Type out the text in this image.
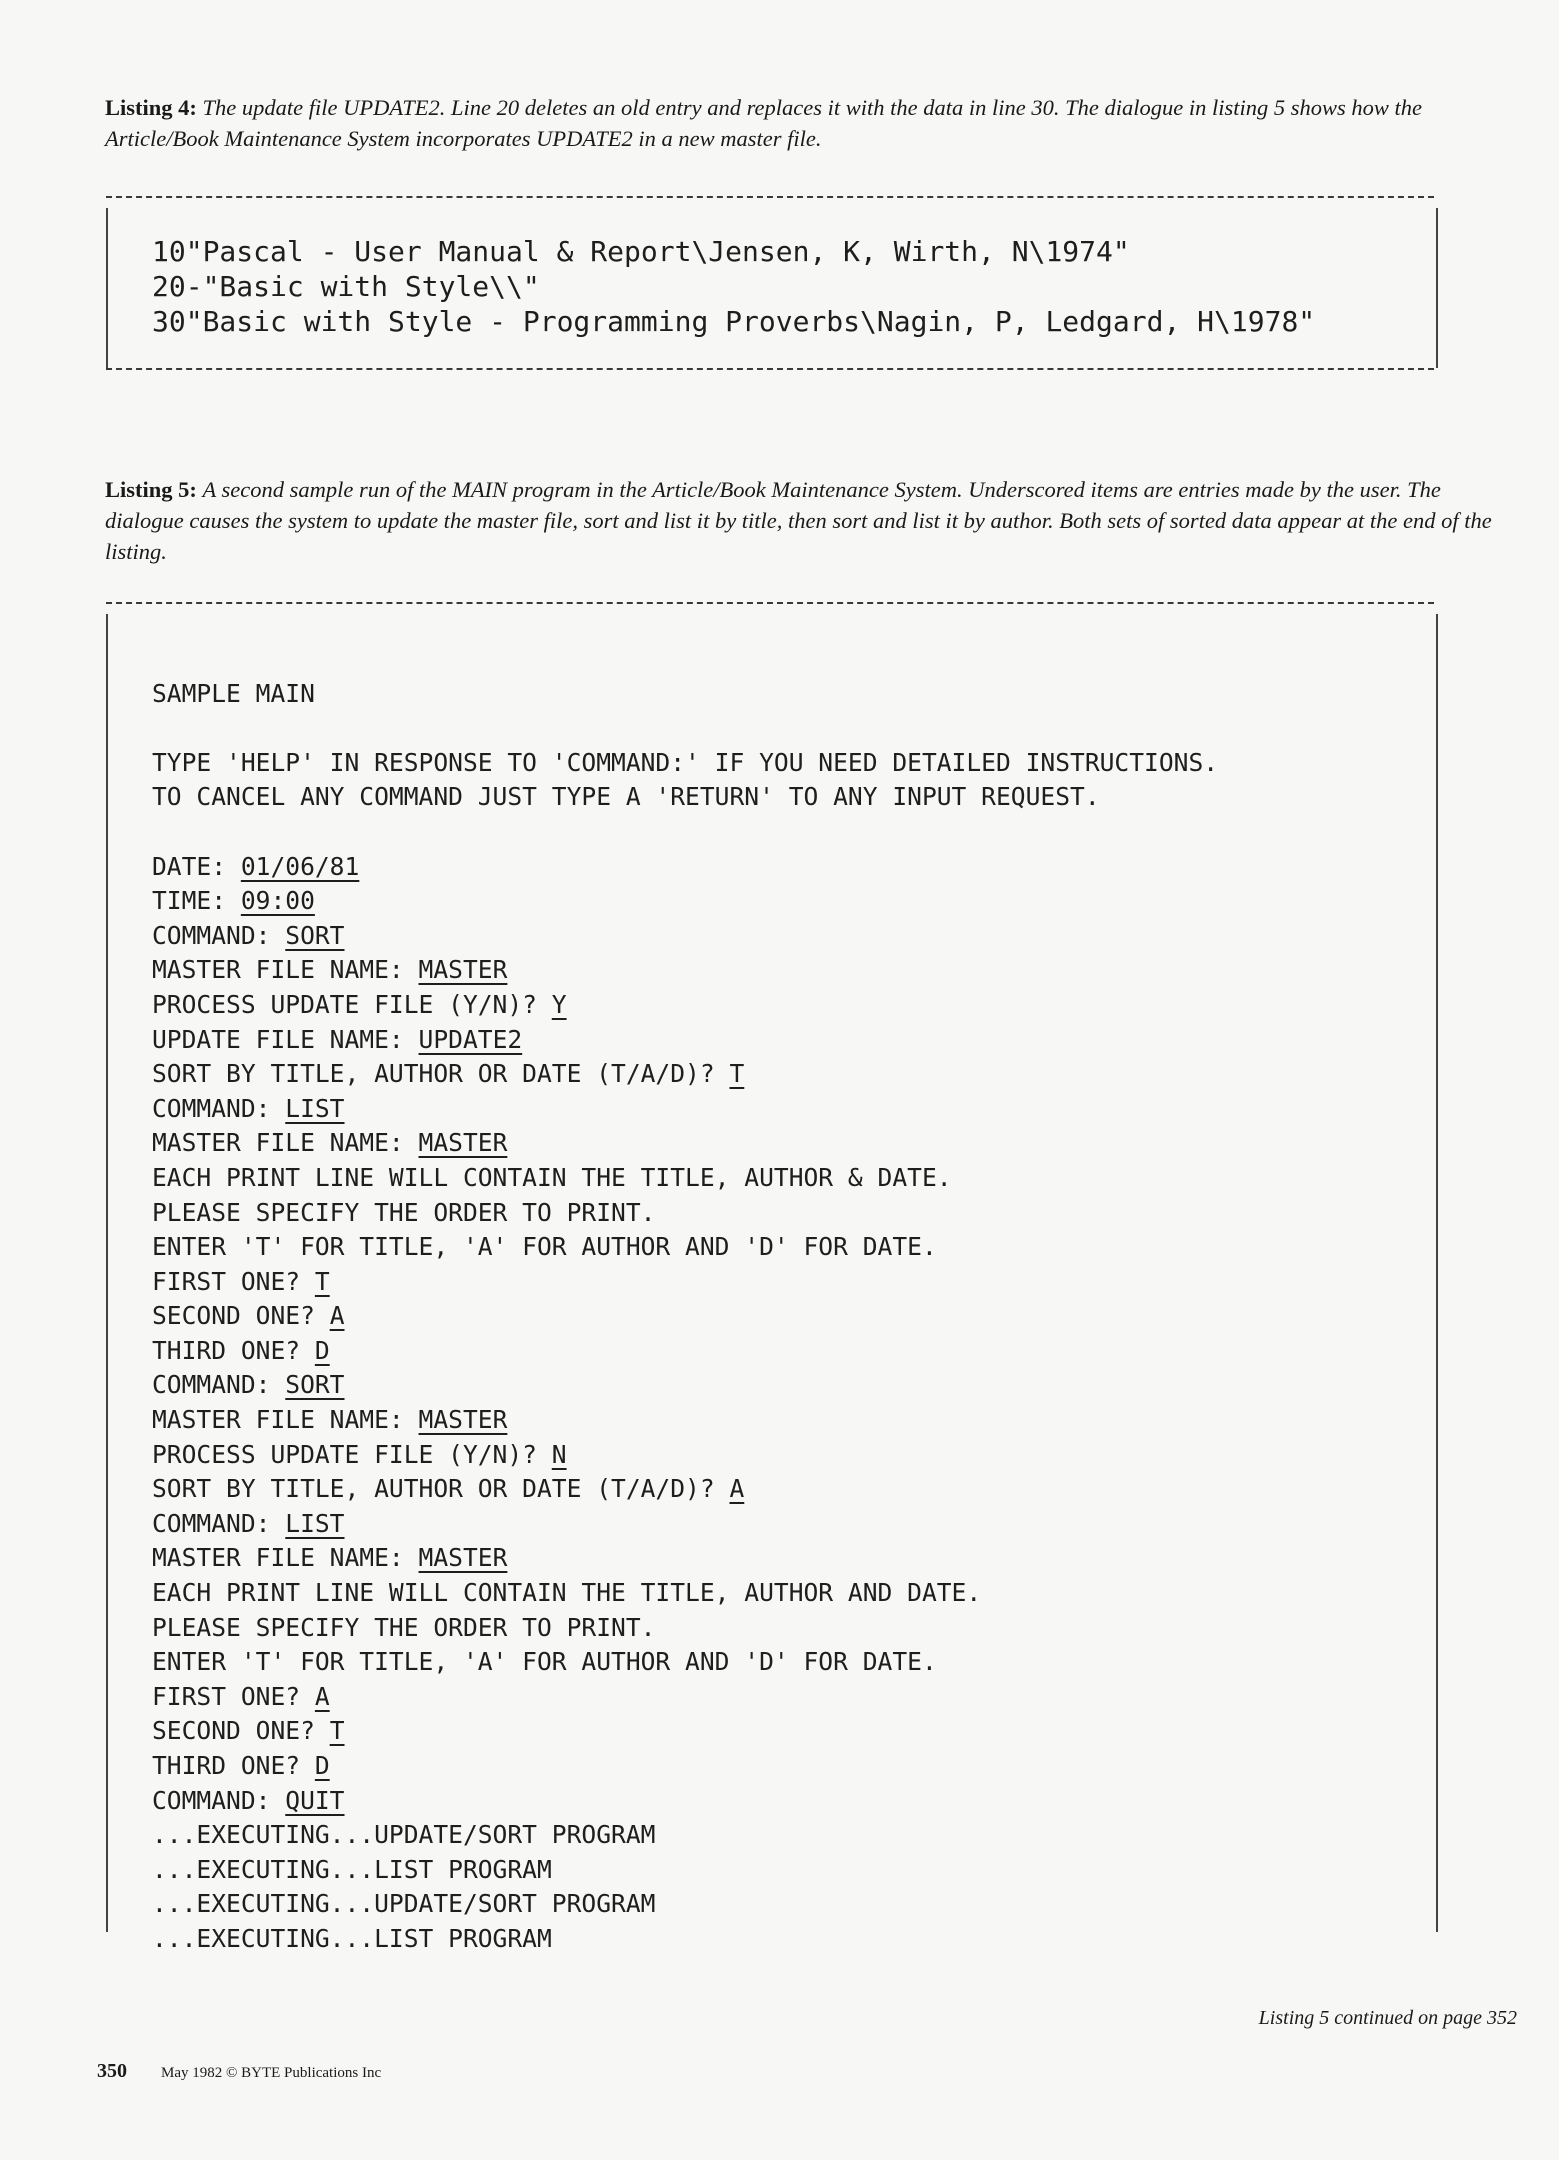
Listing 4: The update file UPDATE2. Line 20 deletes an old entry and replaces it with the data in line 30. The dialogue in listing 5 shows how the Article/Book Maintenance System incorporates UPDATE2 in a new master file.
10"Pascal - User Manual & Report\Jensen, K, Wirth, N\1974"
20-"Basic with Style\\"
30"Basic with Style - Programming Proverbs\Nagin, P, Ledgard, H\1978"
Listing 5: A second sample run of the MAIN program in the Article/Book Maintenance System. Underscored items are entries made by the user. The dialogue causes the system to update the master file, sort and list it by title, then sort and list it by author. Both sets of sorted data appear at the end of the listing.

SAMPLE MAIN

TYPE 'HELP' IN RESPONSE TO 'COMMAND:' IF YOU NEED DETAILED INSTRUCTIONS.
TO CANCEL ANY COMMAND JUST TYPE A 'RETURN' TO ANY INPUT REQUEST.

DATE: 01/06/81
TIME: 09:00
COMMAND: SORT
MASTER FILE NAME: MASTER
PROCESS UPDATE FILE (Y/N)? Y
UPDATE FILE NAME: UPDATE2
SORT BY TITLE, AUTHOR OR DATE (T/A/D)? T
COMMAND: LIST
MASTER FILE NAME: MASTER
EACH PRINT LINE WILL CONTAIN THE TITLE, AUTHOR & DATE.
PLEASE SPECIFY THE ORDER TO PRINT.
ENTER 'T' FOR TITLE, 'A' FOR AUTHOR AND 'D' FOR DATE.
FIRST ONE? T
SECOND ONE? A
THIRD ONE? D
COMMAND: SORT
MASTER FILE NAME: MASTER
PROCESS UPDATE FILE (Y/N)? N
SORT BY TITLE, AUTHOR OR DATE (T/A/D)? A
COMMAND: LIST
MASTER FILE NAME: MASTER
EACH PRINT LINE WILL CONTAIN THE TITLE, AUTHOR AND DATE.
PLEASE SPECIFY THE ORDER TO PRINT.
ENTER 'T' FOR TITLE, 'A' FOR AUTHOR AND 'D' FOR DATE.
FIRST ONE? A
SECOND ONE? T
THIRD ONE? D
COMMAND: QUIT
...EXECUTING...UPDATE/SORT PROGRAM
...EXECUTING...LIST PROGRAM
...EXECUTING...UPDATE/SORT PROGRAM
...EXECUTING...LIST PROGRAM
Listing 5 continued on page 352
350 May 1982 © BYTE Publications Inc
